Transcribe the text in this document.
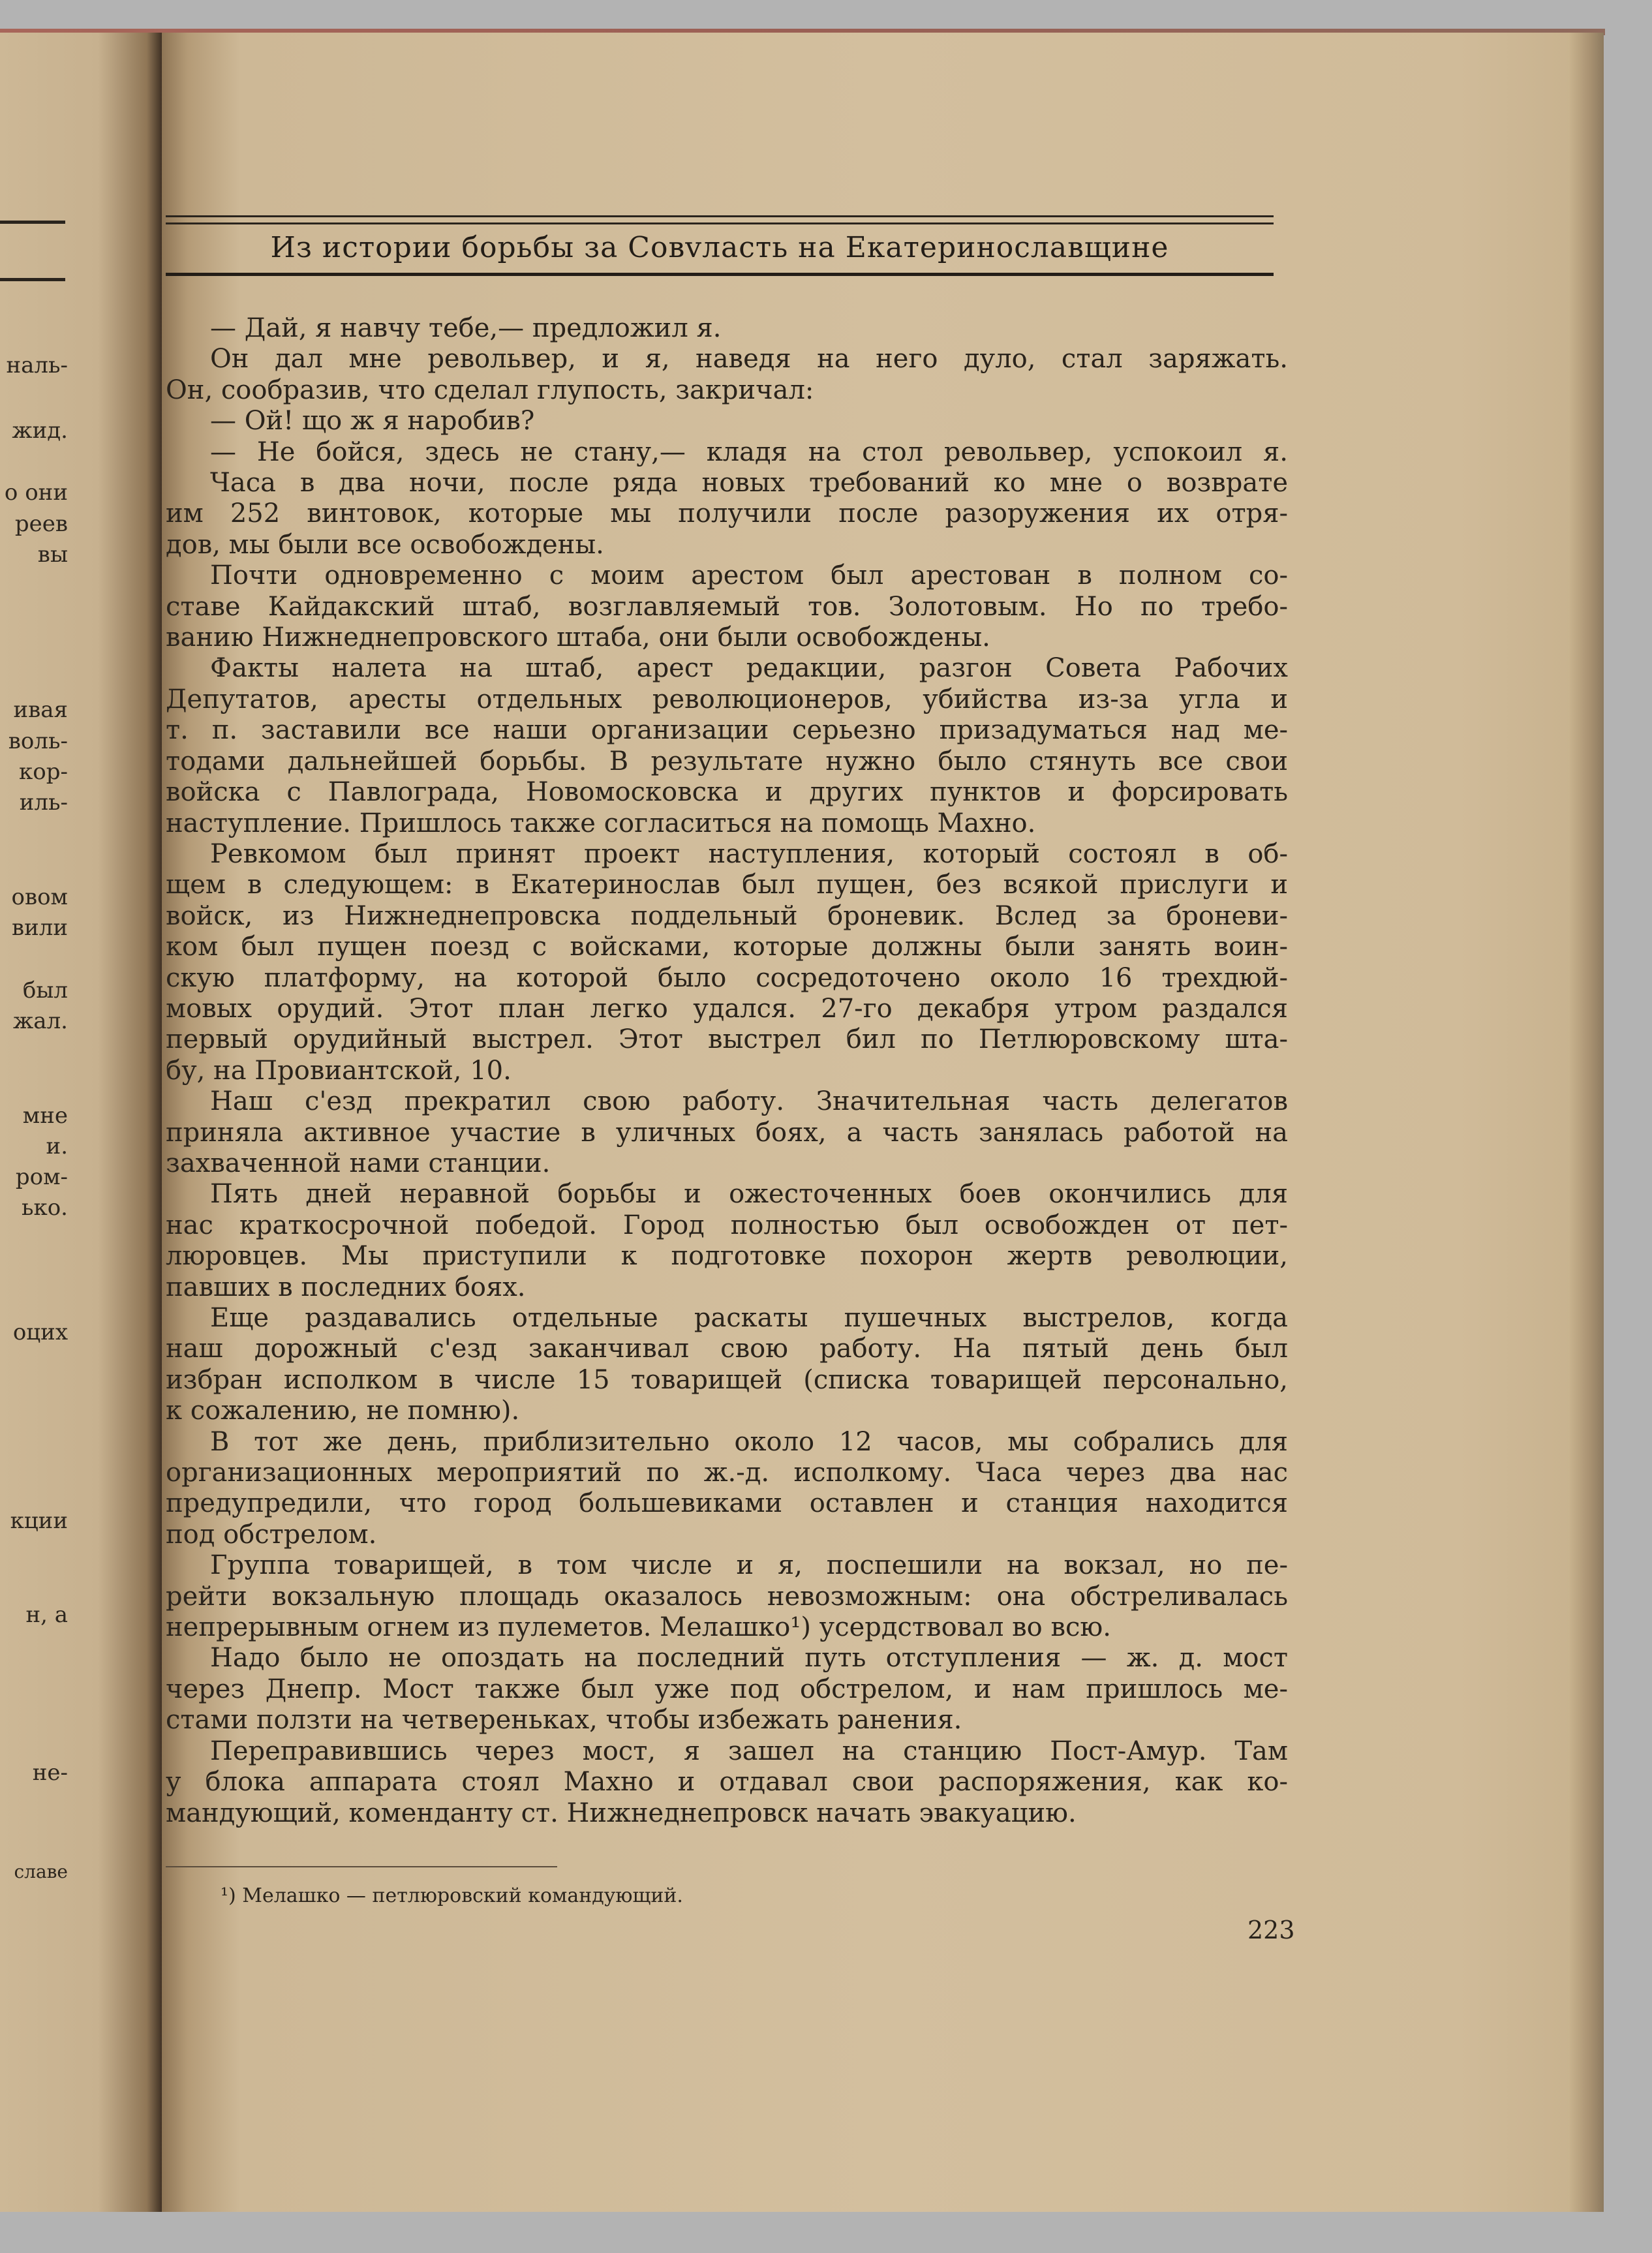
наль-
жид.
о они
реев
вы
ивая
воль-
кор-
иль-
овом
вили
был
жал.
мне
и.
ром-
ько.
оцих
кции
н, а
не-
славе
Из истории борьбы за Совvласть на Екатеринославщине
— Дай, я навчу тебе,— предложил я.
Он дал мне револьвер, и я, наведя на него дуло, стал заряжать.
Он, сообразив, что сделал глупость, закричал:
— Ой! що ж я наробив?
— Не бойся, здесь не стану,— кладя на стол револьвер, успокоил я.
Часа в два ночи, после ряда новых требований ко мне о возврате
им 252 винтовок, которые мы получили после разоружения их отря-
дов, мы были все освобождены.
Почти одновременно с моим арестом был арестован в полном со-
ставе Кайдакский штаб, возглавляемый тов. Золотовым. Но по требо-
ванию Нижнеднепровского штаба, они были освобождены.
Факты налета на штаб, арест редакции, разгон Совета Рабочих
Депутатов, аресты отдельных революционеров, убийства из-за угла и
т. п. заставили все наши организации серьезно призадуматься над ме-
тодами дальнейшей борьбы. В результате нужно было стянуть все свои
войска с Павлограда, Новомосковска и других пунктов и форсировать
наступление. Пришлось также согласиться на помощь Махно.
Ревкомом был принят проект наступления, который состоял в об-
щем в следующем: в Екатеринослав был пущен, без всякой прислуги и
войск, из Нижнеднепровска поддельный броневик. Вслед за броневи-
ком был пущен поезд с войсками, которые должны были занять воин-
скую платформу, на которой было сосредоточено около 16 трехдюй-
мовых орудий. Этот план легко удался. 27-го декабря утром раздался
первый орудийный выстрел. Этот выстрел бил по Петлюровскому шта-
бу, на Провиантской, 10.
Наш с'езд прекратил свою работу. Значительная часть делегатов
приняла активное участие в уличных боях, а часть занялась работой на
захваченной нами станции.
Пять дней неравной борьбы и ожесточенных боев окончились для
нас краткосрочной победой. Город полностью был освобожден от пет-
люровцев. Мы приступили к подготовке похорон жертв революции,
павших в последних боях.
Еще раздавались отдельные раскаты пушечных выстрелов, когда
наш дорожный с'езд заканчивал свою работу. На пятый день был
избран исполком в числе 15 товарищей (списка товарищей персонально,
к сожалению, не помню).
В тот же день, приблизительно около 12 часов, мы собрались для
организационных мероприятий по ж.-д. исполкому. Часа через два нас
предупредили, что город большевиками оставлен и станция находится
под обстрелом.
Группа товарищей, в том числе и я, поспешили на вокзал, но пе-
рейти вокзальную площадь оказалось невозможным: она обстреливалась
непрерывным огнем из пулеметов. Мелашко¹) усердствовал во всю.
Надо было не опоздать на последний путь отступления — ж. д. мост
через Днепр. Мост также был уже под обстрелом, и нам пришлось ме-
стами ползти на четвереньках, чтобы избежать ранения.
Переправившись через мост, я зашел на станцию Пост-Амур. Там
у блока аппарата стоял Махно и отдавал свои распоряжения, как ко-
мандующий, коменданту ст. Нижнеднепровск начать эвакуацию.
¹) Мелашко — петлюровский командующий.
223
